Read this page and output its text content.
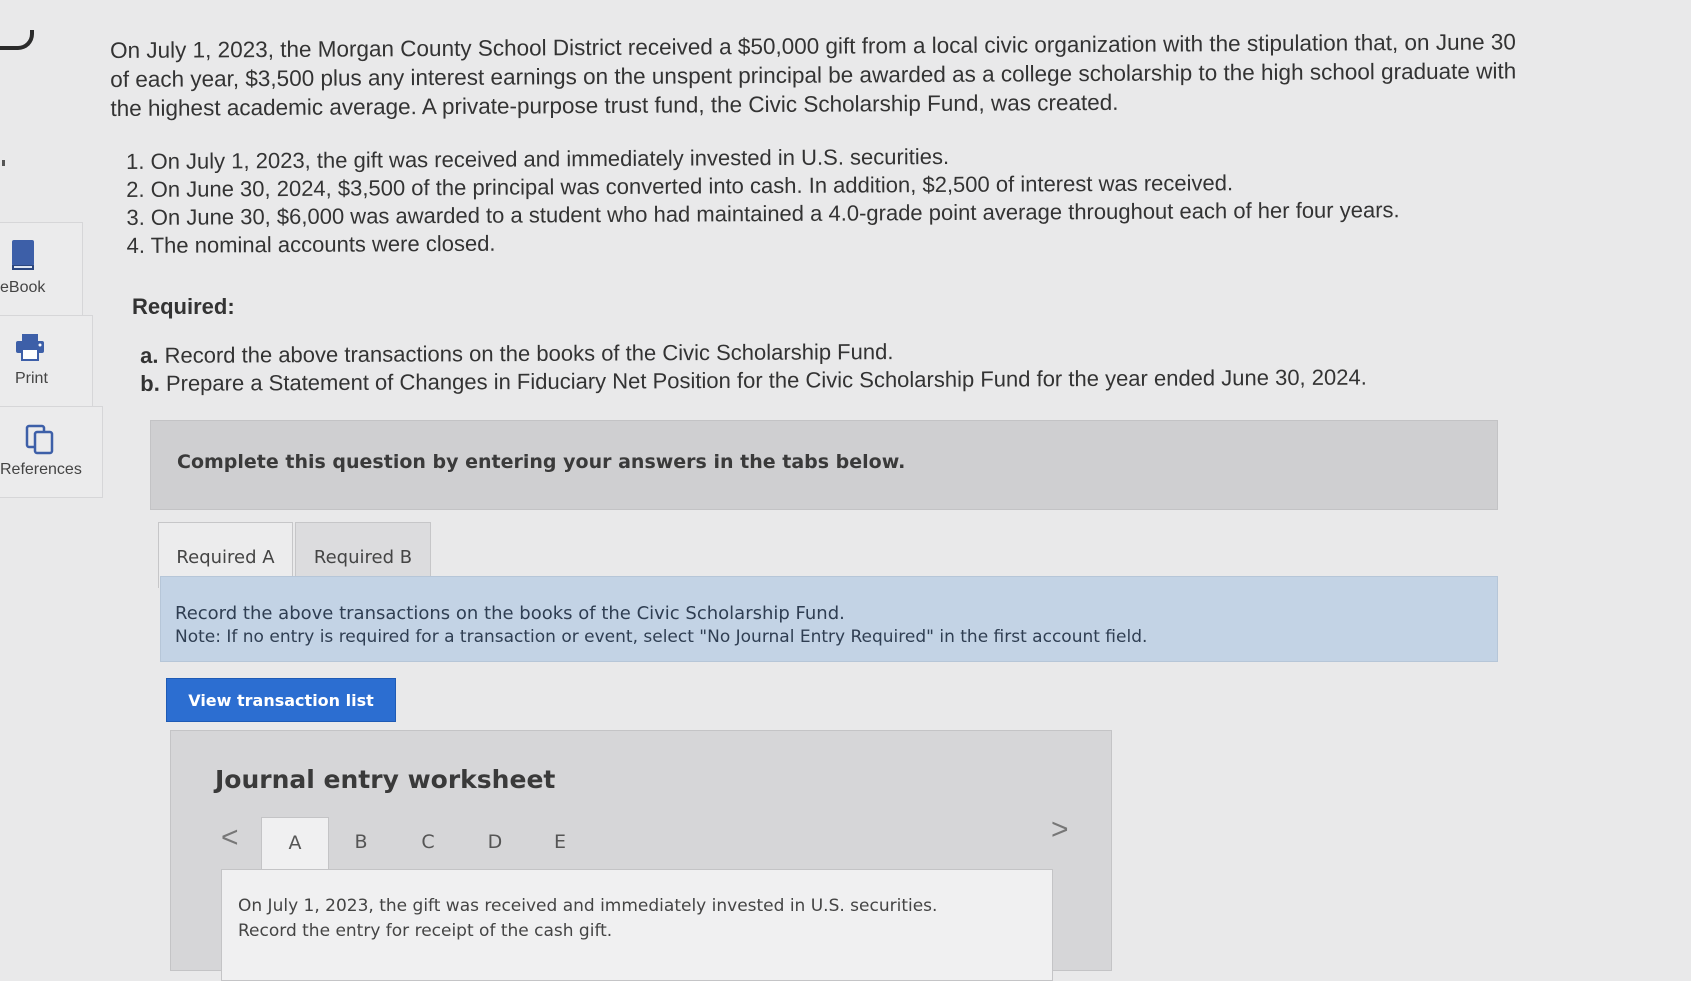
eBook
Print
References

On July 1, 2023, the Morgan County School District received a $50,000 gift from a local civic organization with the stipulation that, on June 30 of each year, $3,500 plus any interest earnings on the unspent principal be awarded as a college scholarship to the high school graduate with the highest academic average. A private-purpose trust fund, the Civic Scholarship Fund, was created.

1. On July 1, 2023, the gift was received and immediately invested in U.S. securities.
2. On June 30, 2024, $3,500 of the principal was converted into cash. In addition, $2,500 of interest was received.
3. On June 30, $6,000 was awarded to a student who had maintained a 4.0-grade point average throughout each of her four years.
4. The nominal accounts were closed.
Required:
a. Record the above transactions on the books of the Civic Scholarship Fund.
b. Prepare a Statement of Changes in Fiduciary Net Position for the Civic Scholarship Fund for the year ended June 30, 2024.
Complete this question by entering your answers in the tabs below.
Required A	Required B
Record the above transactions on the books of the Civic Scholarship Fund.
Note: If no entry is required for a transaction or event, select "No Journal Entry Required" in the first account field.
View transaction list
Journal entry worksheet
<	A	B	C	D	E	>

On July 1, 2023, the gift was received and immediately invested in U.S. securities. Record the entry for receipt of the cash gift.
